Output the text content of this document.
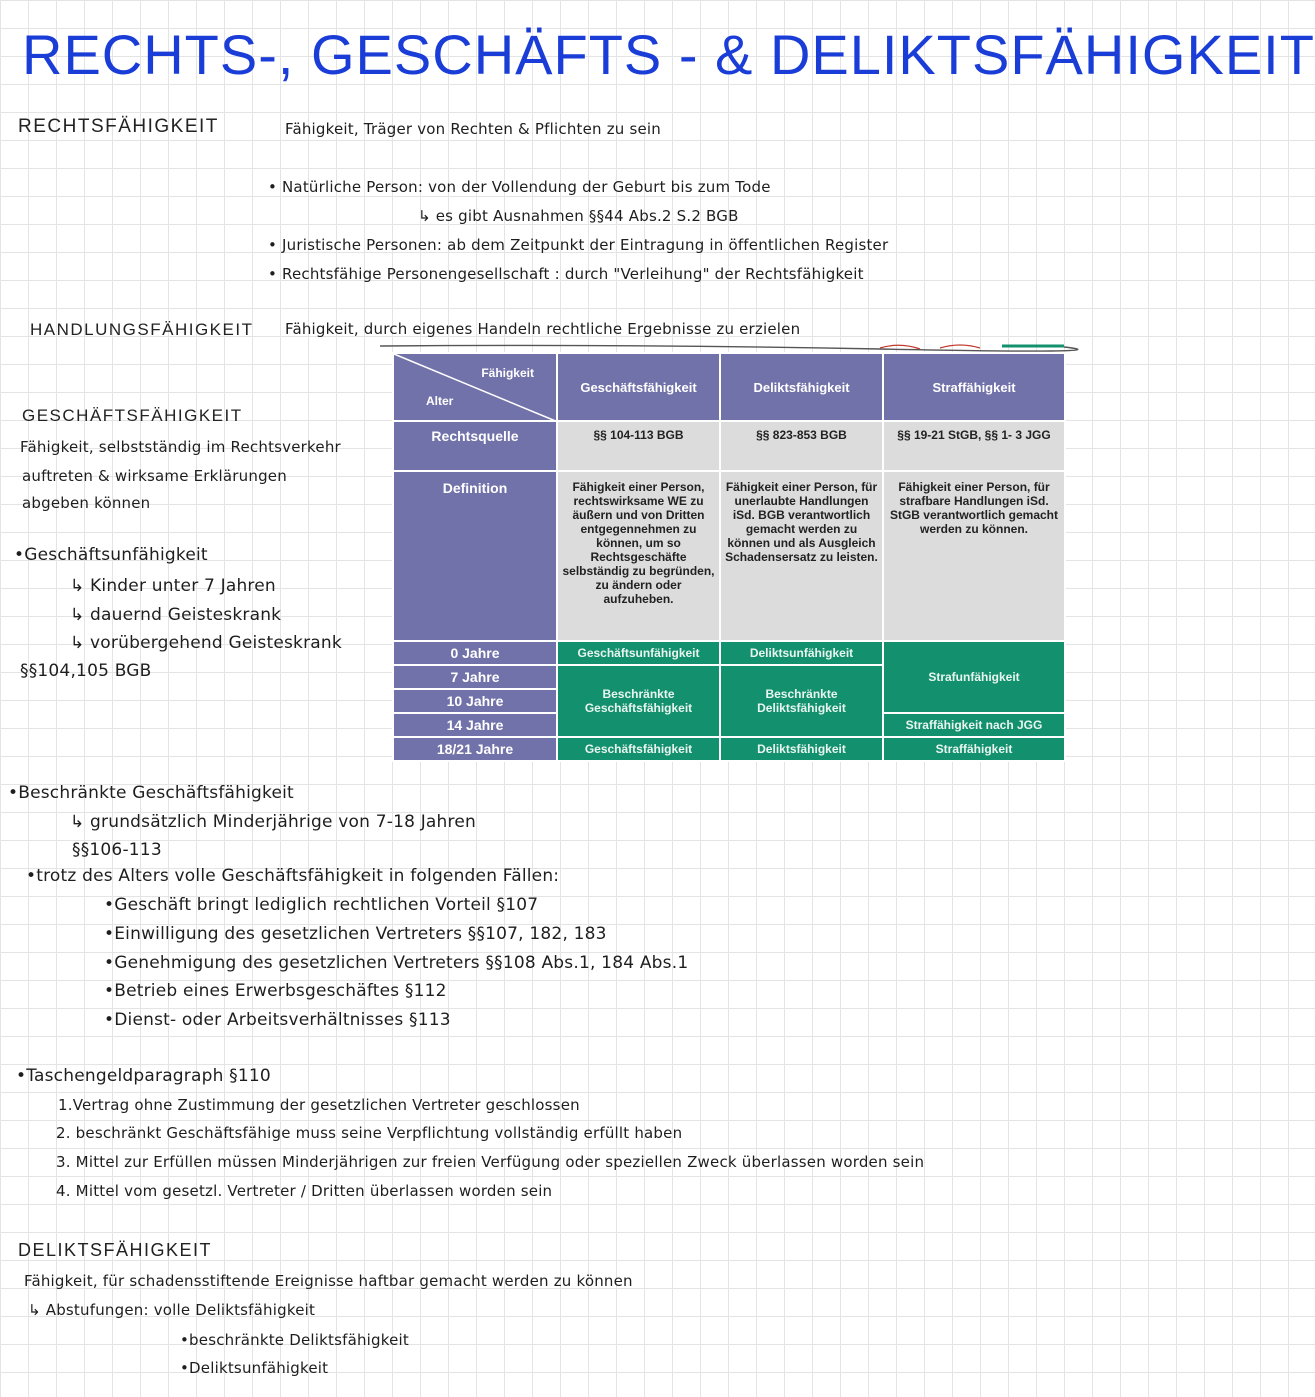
RECHTS-, GESCHÄFTS - & DELIKTSFÄHIGKEIT
RECHTSFÄHIGKEIT	Fähigkeit, Träger von Rechten & Pflichten zu sein
• Natürliche Person: von der Vollendung der Geburt bis zum Tode
↳ es gibt Ausnahmen §§44 Abs.2 S.2 BGB
• Juristische Personen: ab dem Zeitpunkt der Eintragung in öffentlichen Register
• Rechtsfähige Personengesellschaft : durch "Verleihung" der Rechtsfähigkeit
HANDLUNGSFÄHIGKEIT Fähigkeit, durch eigenes Handeln rechtliche Ergebnisse zu erzielen
GESCHÄFTSFÄHIGKEIT
Fähigkeit, selbstständig im Rechtsverkehr
auftreten & wirksame Erklärungen
abgeben können
•Geschäftsunfähigkeit
↳ Kinder unter 7 Jahren
↳ dauernd Geisteskrank
↳ vorübergehend Geisteskrank
§§104,105 BGB
Fähigkeit
Alter	Geschäftsfähigkeit	Deliktsfähigkeit	Straffähigkeit
Rechtsquelle	§§ 104-113 BGB	§§ 823-853 BGB	§§ 19-21 StGB, §§ 1- 3 JGG
Definition	Fähigkeit einer Person, rechtswirksame WE zu äußern und von Dritten entgegennehmen zu können, um so Rechtsgeschäfte selbständig zu begründen, zu ändern oder aufzuheben.	Fähigkeit einer Person, für unerlaubte Handlungen iSd. BGB verantwortlich gemacht werden zu können und als Ausgleich Schadensersatz zu leisten.	Fähigkeit einer Person, für strafbare Handlungen iSd. StGB verantwortlich gemacht werden zu können.
0 Jahre	Geschäftsunfähigkeit	Deliktsunfähigkeit	Strafunfähigkeit
7 Jahre	Beschränkte Geschäftsfähigkeit	Beschränkte Deliktsfähigkeit	
10 Jahre			
14 Jahre			Straffähigkeit nach JGG
18/21 Jahre	Geschäftsfähigkeit	Deliktsfähigkeit	Straffähigkeit
•Beschränkte Geschäftsfähigkeit
↳ grundsätzlich Minderjährige von 7-18 Jahren
§§106-113
•trotz des Alters volle Geschäftsfähigkeit in folgenden Fällen:
•Geschäft bringt lediglich rechtlichen Vorteil §107
•Einwilligung des gesetzlichen Vertreters §§107, 182, 183
•Genehmigung des gesetzlichen Vertreters §§108 Abs.1, 184 Abs.1
•Betrieb eines Erwerbsgeschäftes §112
•Dienst- oder Arbeitsverhältnisses §113
•Taschengeldparagraph §110
1.Vertrag ohne Zustimmung der gesetzlichen Vertreter geschlossen
2. beschränkt Geschäftsfähige muss seine Verpflichtung vollständig erfüllt haben
3. Mittel zur Erfüllen müssen Minderjährigen zur freien Verfügung oder speziellen Zweck überlassen worden sein
4. Mittel vom gesetzl. Vertreter / Dritten überlassen worden sein
DELIKTSFÄHIGKEIT
Fähigkeit, für schadensstiftende Ereignisse haftbar gemacht werden zu können
↳ Abstufungen: volle Deliktsfähigkeit
•beschränkte Deliktsfähigkeit
•Deliktsunfähigkeit
